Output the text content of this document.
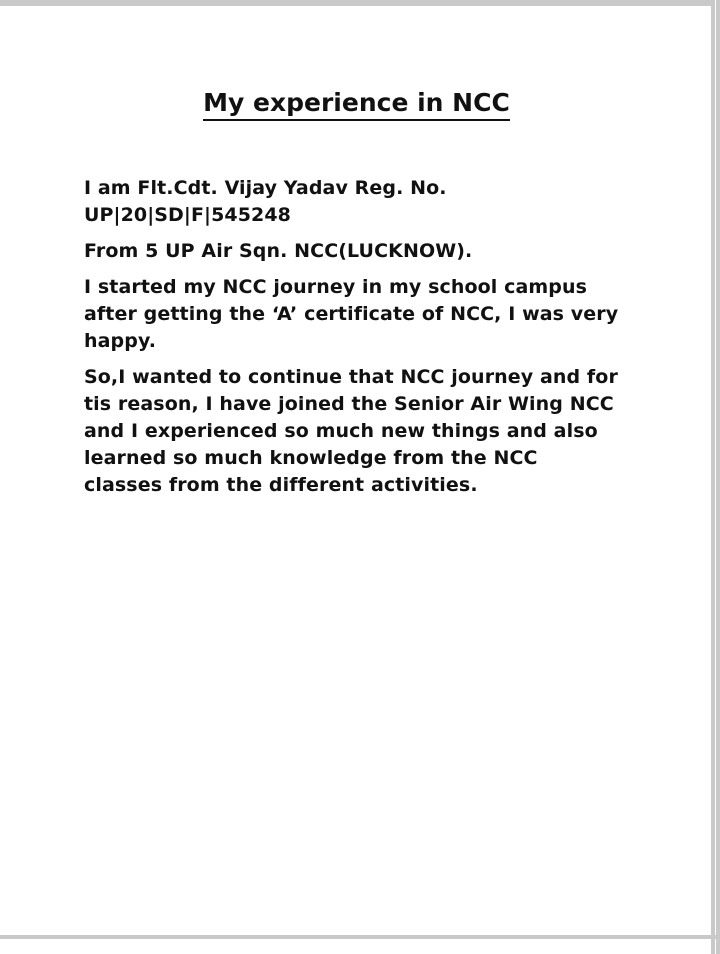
My experience in NCC

I am Flt.Cdt. Vijay Yadav Reg. No. UP|20|SD|F|545248

From 5 UP Air Sqn. NCC(LUCKNOW).

I started my NCC journey in my school campus after getting the ‘A’ certificate of NCC, I was very happy.

So,I wanted to continue that NCC journey and for tis reason, I have joined the Senior Air Wing NCC and I experienced so much new things and also learned so much knowledge from the NCC classes from the different activities.
